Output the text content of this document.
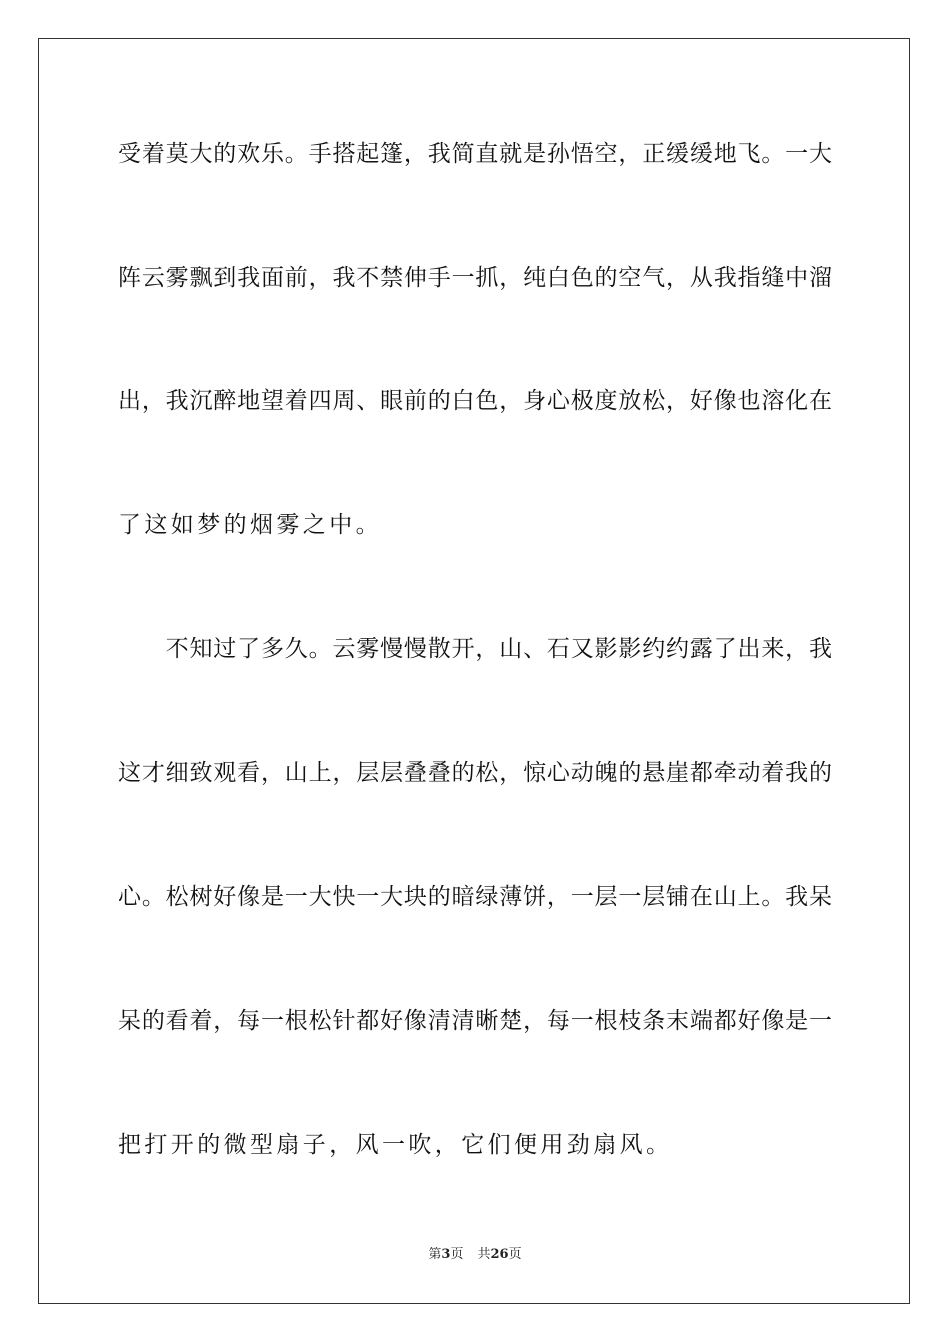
受着莫大的欢乐。手搭起篷，我简直就是孙悟空，正缓缓地飞。一大
阵云雾飘到我面前，我不禁伸手一抓，纯白色的空气，从我指缝中溜
出，我沉醉地望着四周、眼前的白色，身心极度放松，好像也溶化在
了这如梦的烟雾之中。
　　不知过了多久。云雾慢慢散开，山、石又影影约约露了出来，我
这才细致观看，山上，层层叠叠的松，惊心动魄的悬崖都牵动着我的
心。松树好像是一大快一大块的暗绿薄饼，一层一层铺在山上。我呆
呆的看着，每一根松针都好像清清晰楚，每一根枝条末端都好像是一
把打开的微型扇子，风一吹，它们便用劲扇风。
第3页 共26页
